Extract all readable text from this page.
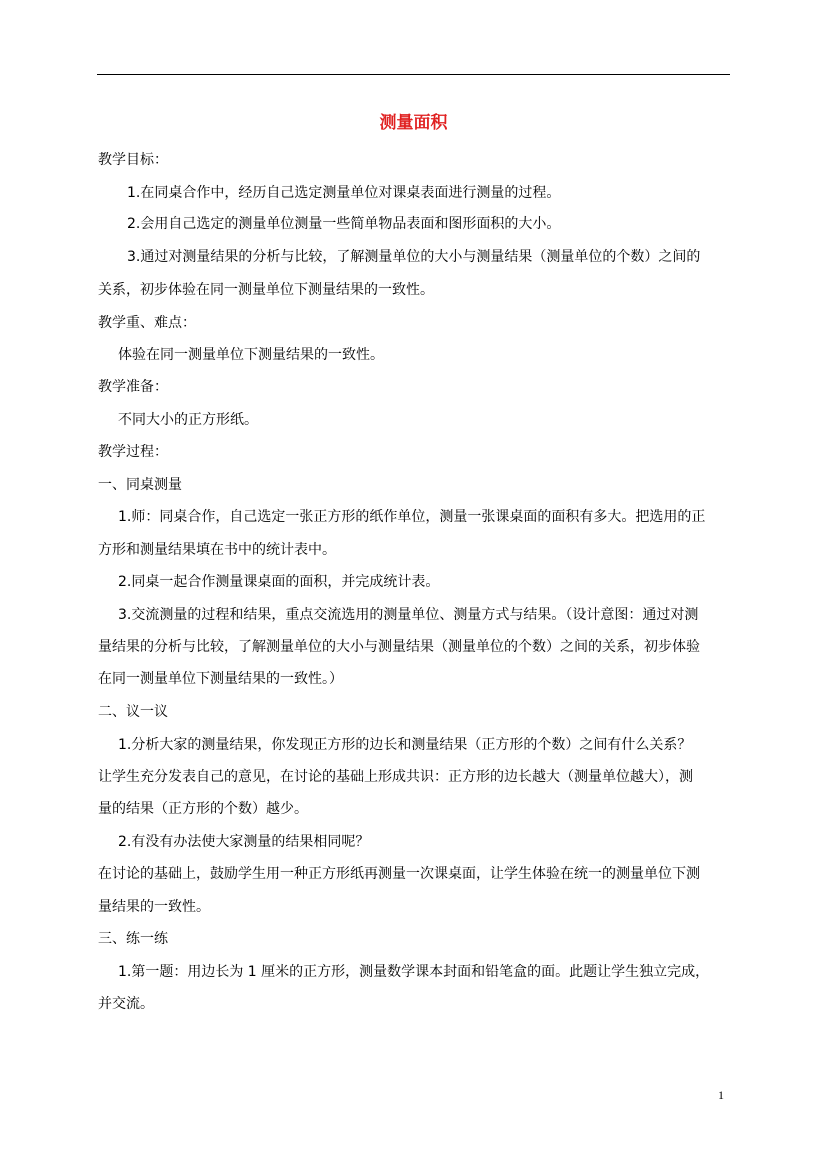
测量面积
教学目标：
1.在同桌合作中，经历自己选定测量单位对课桌表面进行测量的过程。
2.会用自己选定的测量单位测量一些简单物品表面和图形面积的大小。
3.通过对测量结果的分析与比较，了解测量单位的大小与测量结果（测量单位的个数）之间的
关系，初步体验在同一测量单位下测量结果的一致性。
教学重、难点：
体验在同一测量单位下测量结果的一致性。
教学准备：
不同大小的正方形纸。
教学过程：
一、同桌测量
1.师：同桌合作，自己选定一张正方形的纸作单位，测量一张课桌面的面积有多大。把选用的正
方形和测量结果填在书中的统计表中。
2.同桌一起合作测量课桌面的面积，并完成统计表。
3.交流测量的过程和结果，重点交流选用的测量单位、测量方式与结果。（设计意图：通过对测
量结果的分析与比较，了解测量单位的大小与测量结果（测量单位的个数）之间的关系，初步体验
在同一测量单位下测量结果的一致性。）
二、议一议
1.分析大家的测量结果，你发现正方形的边长和测量结果（正方形的个数）之间有什么关系？
让学生充分发表自己的意见，在讨论的基础上形成共识：正方形的边长越大（测量单位越大），测
量的结果（正方形的个数）越少。
2.有没有办法使大家测量的结果相同呢？
在讨论的基础上，鼓励学生用一种正方形纸再测量一次课桌面，让学生体验在统一的测量单位下测
量结果的一致性。
三、练一练
1.第一题：用边长为 1 厘米的正方形，测量数学课本封面和铅笔盒的面。此题让学生独立完成，
并交流。
1
